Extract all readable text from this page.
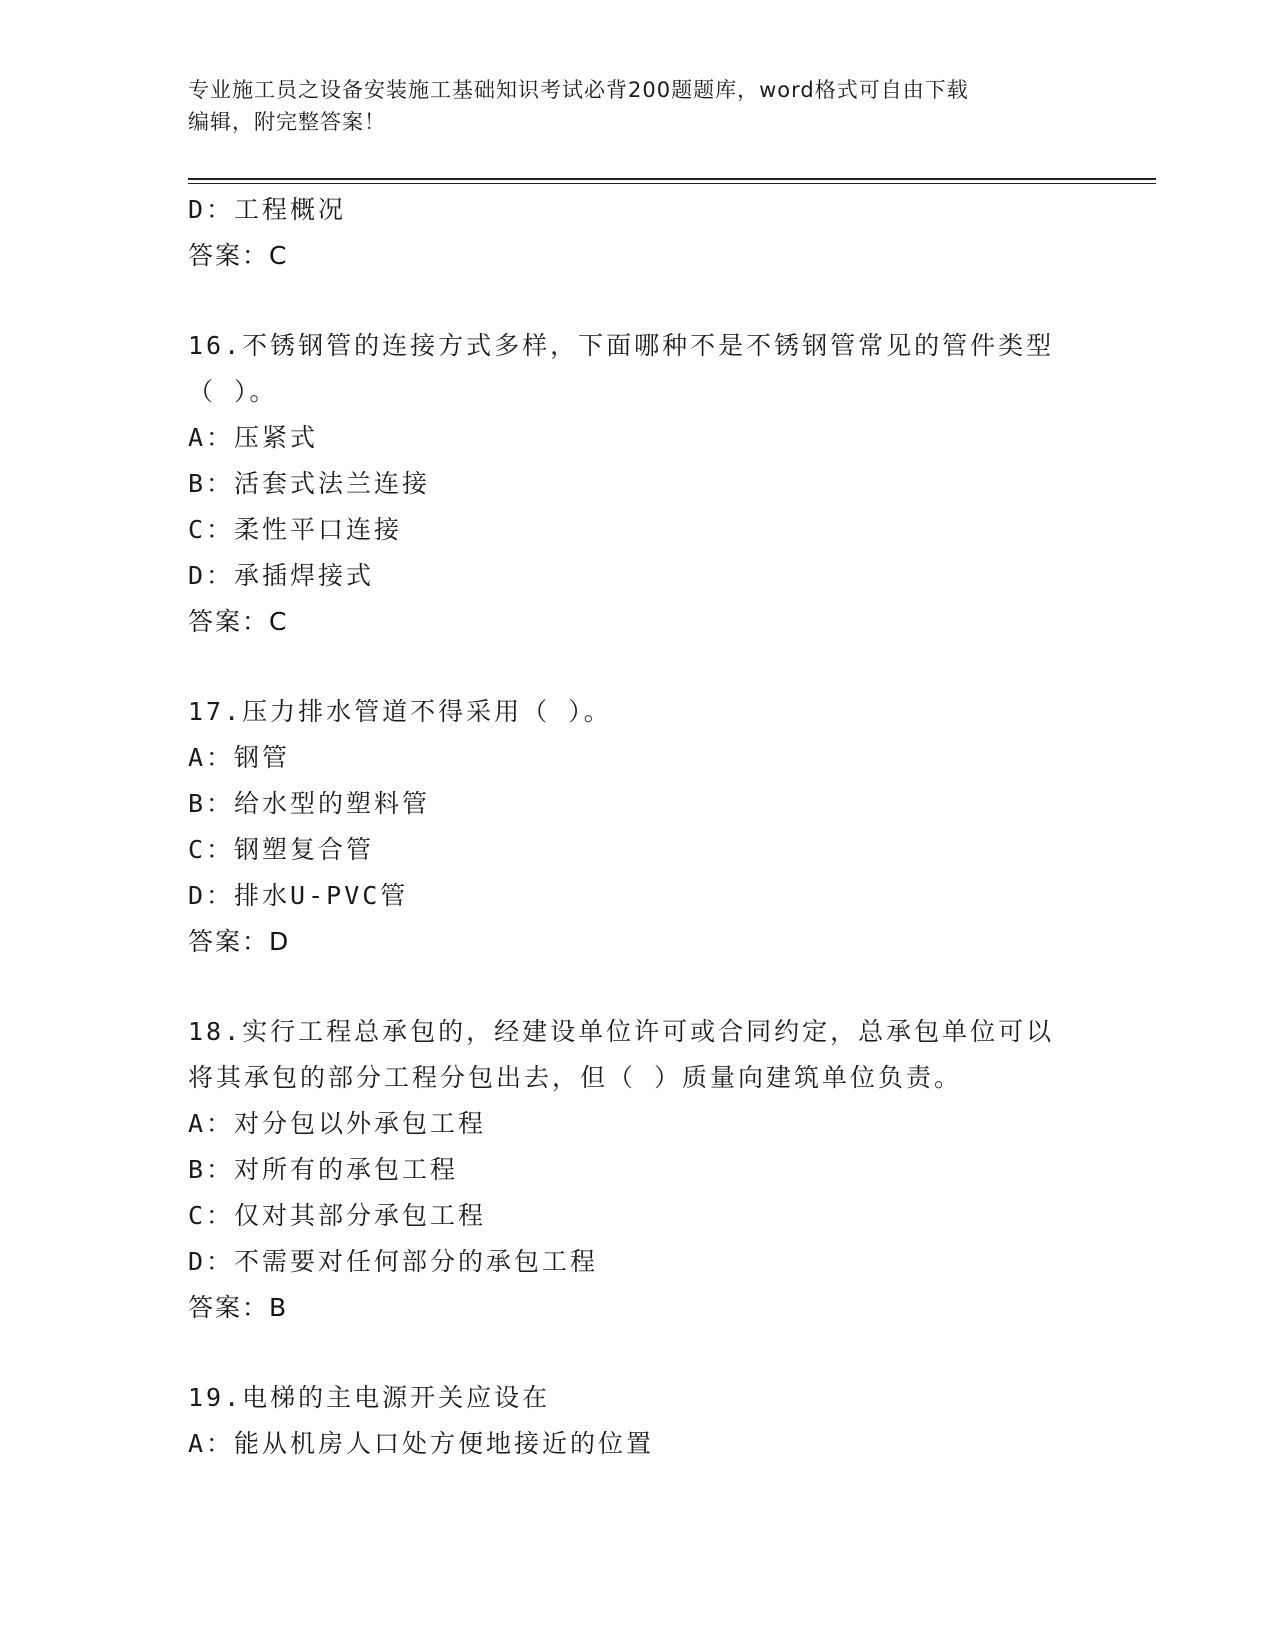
专业施工员之设备安装施工基础知识考试必背200题题库，word格式可自由下载
编辑，附完整答案！
D：工程概况
答案：C
16.不锈钢管的连接方式多样，下面哪种不是不锈钢管常见的管件类型
（ ）。
A：压紧式
B：活套式法兰连接
C：柔性平口连接
D：承插焊接式
答案：C
17.压力排水管道不得采用（ ）。
A：钢管
B：给水型的塑料管
C：钢塑复合管
D：排水U-PVC管
答案：D
18.实行工程总承包的，经建设单位许可或合同约定，总承包单位可以
将其承包的部分工程分包出去，但（ ）质量向建筑单位负责。
A：对分包以外承包工程
B：对所有的承包工程
C：仅对其部分承包工程
D：不需要对任何部分的承包工程
答案：B
19.电梯的主电源开关应设在
A：能从机房人口处方便地接近的位置
